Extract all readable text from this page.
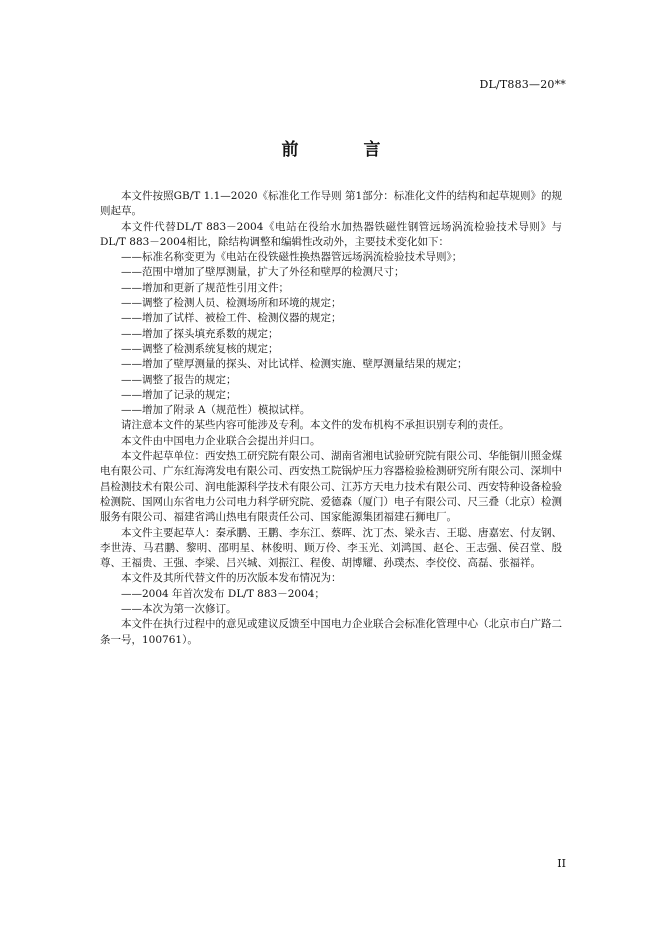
DL/T883—20**
前　言

本文件按照GB/T 1.1—2020《标准化工作导则 第1部分：标准化文件的结构和起草规则》的规则起草。

本文件代替DL/T 883－2004《电站在役给水加热器铁磁性钢管远场涡流检验技术导则》与DL/T 883－2004相比，除结构调整和编辑性改动外，主要技术变化如下：

——标准名称变更为《电站在役铁磁性换热器管远场涡流检验技术导则》；

——范围中增加了壁厚测量，扩大了外径和壁厚的检测尺寸；

——增加和更新了规范性引用文件；

——调整了检测人员、检测场所和环境的规定；

——增加了试样、被检工件、检测仪器的规定；

——增加了探头填充系数的规定；

——调整了检测系统复核的规定；

——增加了壁厚测量的探头、对比试样、检测实施、壁厚测量结果的规定；

——调整了报告的规定；

——增加了记录的规定；

——增加了附录 A（规范性）模拟试样。

请注意本文件的某些内容可能涉及专利。本文件的发布机构不承担识别专利的责任。

本文件由中国电力企业联合会提出并归口。

本文件起草单位：西安热工研究院有限公司、湖南省湘电试验研究院有限公司、华能铜川照金煤电有限公司、广东红海湾发电有限公司、西安热工院锅炉压力容器检验检测研究所有限公司、深圳中昌检测技术有限公司、润电能源科学技术有限公司、江苏方天电力技术有限公司、西安特种设备检验检测院、国网山东省电力公司电力科学研究院、爱德森（厦门）电子有限公司、尺三叠（北京）检测服务有限公司、福建省鸿山热电有限责任公司、国家能源集团福建石狮电厂。

本文件主要起草人：秦承鹏、王鹏、李东江、蔡晖、沈丁杰、梁永吉、王聪、唐嘉宏、付友钢、李世涛、马君鹏、黎明、邵明星、林俊明、顾万伶、李玉光、刘鸿国、赵仑、王志强、侯召堂、殷尊、王福贵、王强、李梁、吕兴城、刘振江、程俊、胡博耀、孙璞杰、李佼佼、高磊、张福祥。

本文件及其所代替文件的历次版本发布情况为：

——2004 年首次发布 DL/T 883－2004；

——本次为第一次修订。

本文件在执行过程中的意见或建议反馈至中国电力企业联合会标准化管理中心（北京市白广路二条一号，100761）。

II
